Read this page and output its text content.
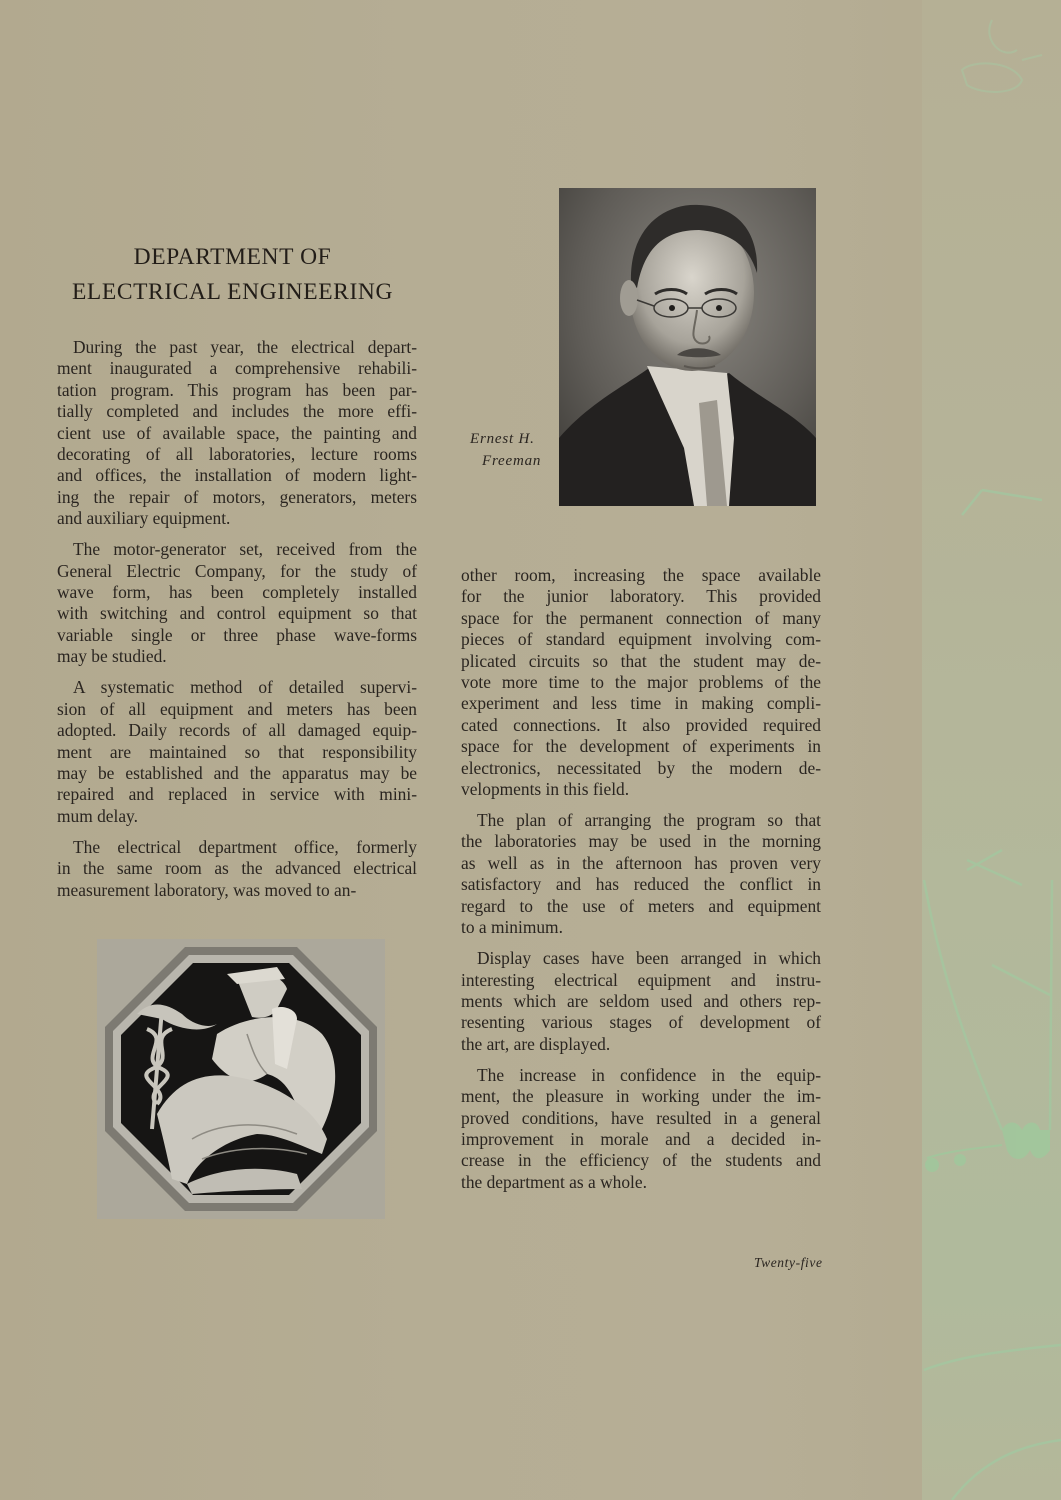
DEPARTMENT OF
ELECTRICAL ENGINEERING

During the past year, the electrical depart-
ment inaugurated a comprehensive rehabili-
tation program. This program has been par-
tially completed and includes the more effi-
cient use of available space, the painting and
decorating of all laboratories, lecture rooms
and offices, the installation of modern light-
ing the repair of motors, generators, meters
and auxiliary equipment.

The motor-generator set, received from the
General Electric Company, for the study of
wave form, has been completely installed
with switching and control equipment so that
variable single or three phase wave-forms
may be studied.

A systematic method of detailed supervi-
sion of all equipment and meters has been
adopted. Daily records of all damaged equip-
ment are maintained so that responsibility
may be established and the apparatus may be
repaired and replaced in service with mini-
mum delay.

The electrical department office, formerly
in the same room as the advanced electrical
measurement laboratory, was moved to an-

Ernest H.
Freeman

other room, increasing the space available
for the junior laboratory. This provided
space for the permanent connection of many
pieces of standard equipment involving com-
plicated circuits so that the student may de-
vote more time to the major problems of the
experiment and less time in making compli-
cated connections. It also provided required
space for the development of experiments in
electronics, necessitated by the modern de-
velopments in this field.

The plan of arranging the program so that
the laboratories may be used in the morning
as well as in the afternoon has proven very
satisfactory and has reduced the conflict in
regard to the use of meters and equipment
to a minimum.

Display cases have been arranged in which
interesting electrical equipment and instru-
ments which are seldom used and others rep-
resenting various stages of development of
the art, are displayed.

The increase in confidence in the equip-
ment, the pleasure in working under the im-
proved conditions, have resulted in a general
improvement in morale and a decided in-
crease in the efficiency of the students and
the department as a whole.

Twenty-five
